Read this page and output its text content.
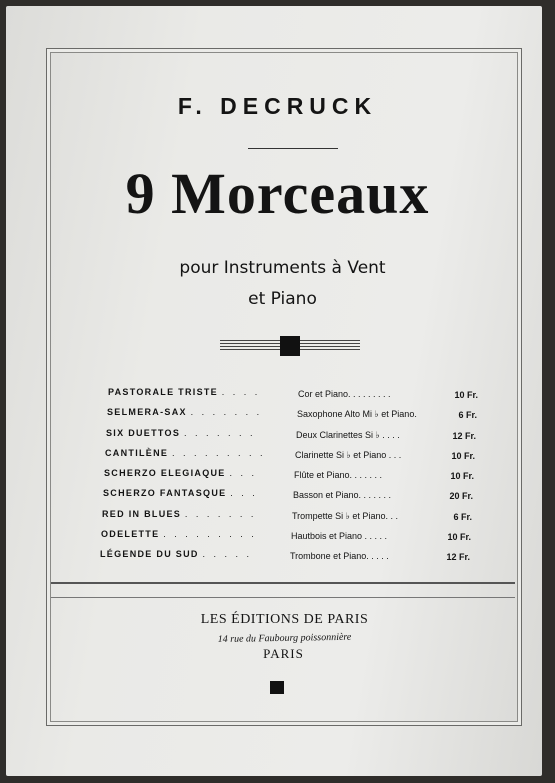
F. DECRUCK
9 Morceaux
pour Instruments à Vent
et Piano
PASTORALE TRISTE . . . .	Cor et Piano. . . . . . . . .	10 Fr.
SELMERA-SAX . . . . . . .	Saxophone Alto Mi ♭ et Piano.	6 Fr.
SIX DUETTOS . . . . . . .	Deux Clarinettes Si ♭ . . . .	12 Fr.
CANTILÈNE . . . . . . . . .	Clarinette Si ♭ et Piano . . .	10 Fr.
SCHERZO ELEGIAQUE . . .	Flûte et Piano. . . . . . .	10 Fr.
SCHERZO FANTASQUE . . .	Basson et Piano. . . . . . .	20 Fr.
RED IN BLUES . . . . . . .	Trompette Si ♭ et Piano. . .	6 Fr.
ODELETTE . . . . . . . . .	Hautbois et Piano . . . . .	10 Fr.
LÉGENDE DU SUD . . . . .	Trombone et Piano. . . . .	12 Fr.
LES ÉDITIONS DE PARIS
14 rue du Faubourg poissonnière
PARIS
